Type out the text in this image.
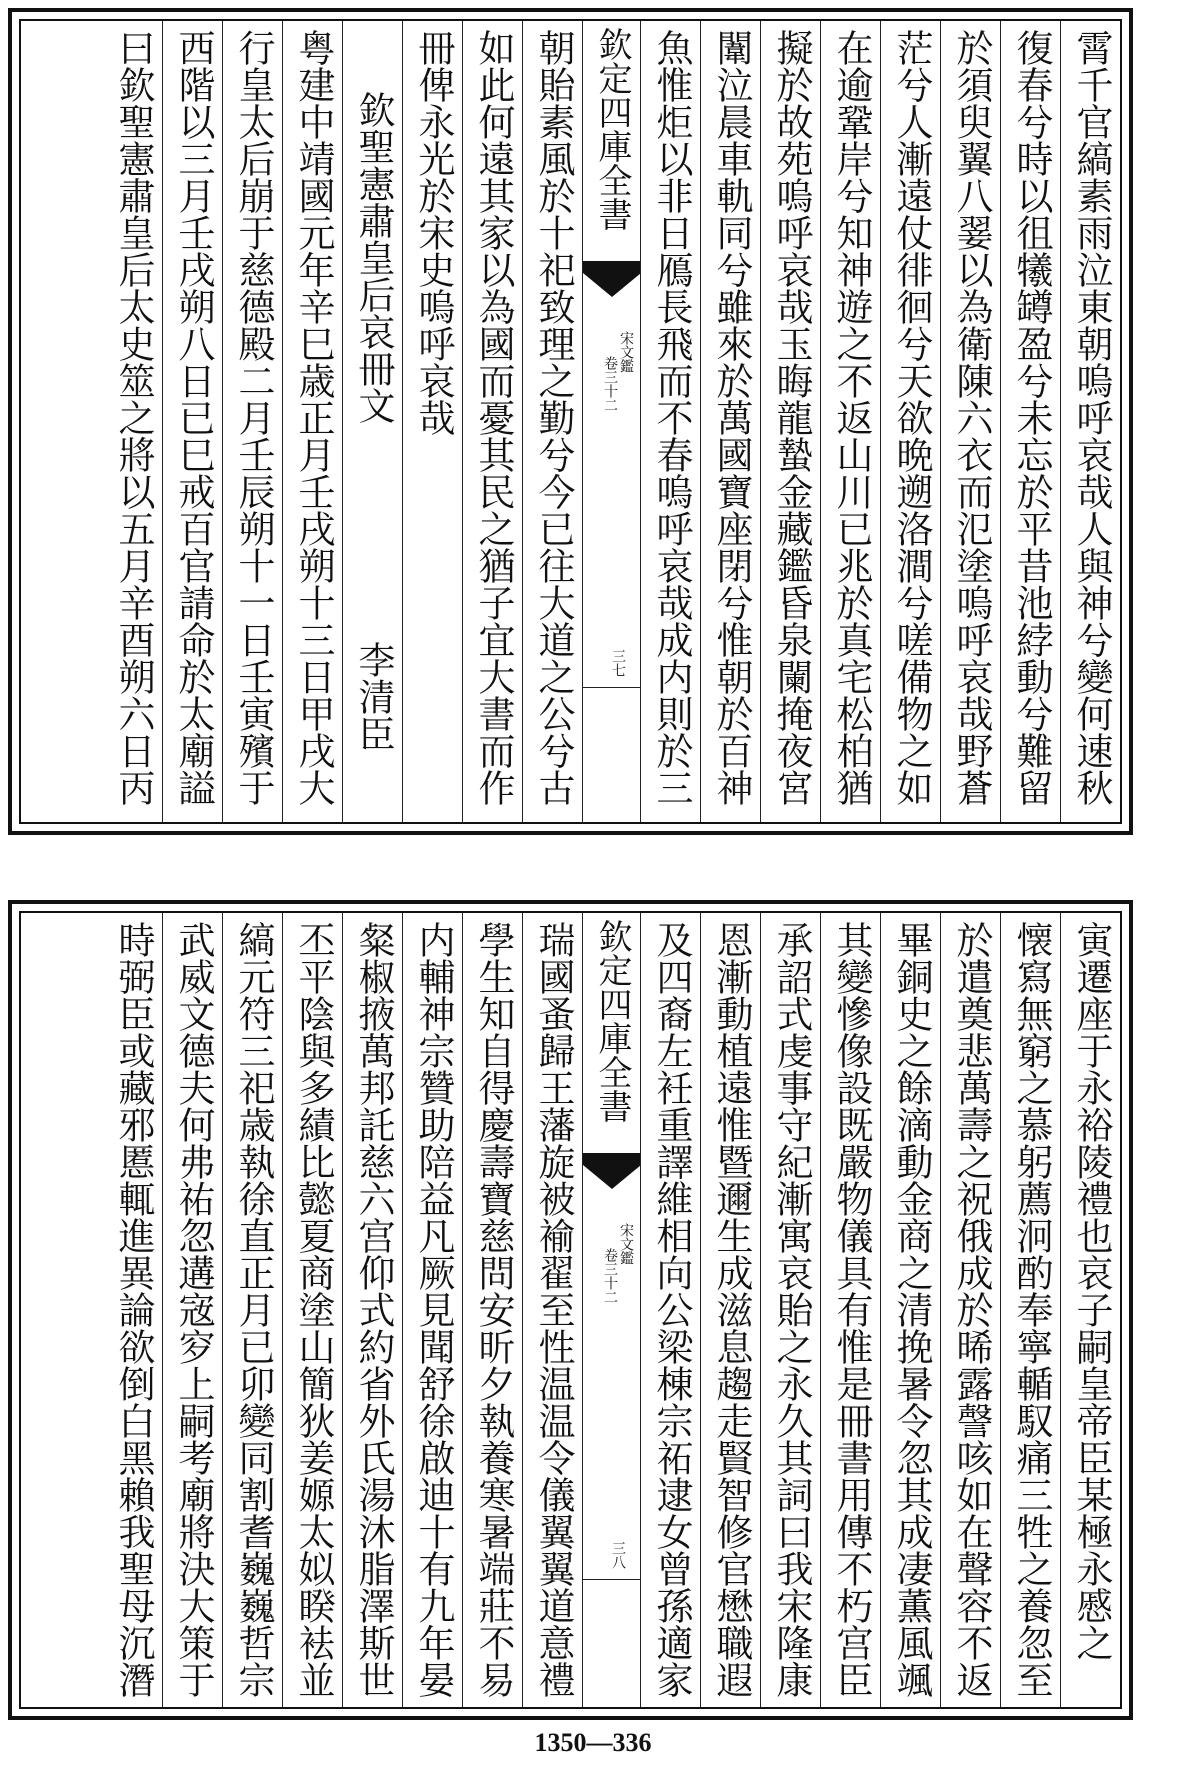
霄千官縞素雨泣東朝嗚呼哀哉人與神兮變何速秋
復春兮時以徂犧罇盈兮未忘於平昔池綍動兮難留
於須臾翼八翣以為衛陳六衣而氾塗嗚呼哀哉野蒼
茫兮人漸遠仗徘徊兮天欲晩遡洛澗兮嗟備物之如
在逾鞏岸兮知神遊之不返山川已兆於真宅松柏猶
擬於故苑嗚呼哀哉玉晦龍蟄金藏鑑昏泉闌掩夜宮
闈泣晨車軌同兮雖來於萬國寶座閉兮惟朝於百神
魚惟炬以非日鴈長飛而不春嗚呼哀哉成内則於三
欽定四庫全書
宋文鑑
卷三十二
三七
朝貽素風於十祀致理之勤兮今已往大道之公兮古
如此何遠其家以為國而憂其民之猶子宜大書而作
冊俾永光於宋史嗚呼哀哉
欽聖憲肅皇后哀冊文
李清臣
粤建中靖國元年辛巳歳正月壬戌朔十三日甲戌大
行皇太后崩于慈德殿二月壬辰朔十一日壬寅殯于
西階以三月壬戌朔八日已巳戒百官請命於太廟謚
曰欽聖憲肅皇后太史筮之將以五月辛酉朔六日丙
寅遷座于永裕陵禮也哀子嗣皇帝臣某極永慼之
懐寫無窮之慕躬薦泂酌奉寧輴馭痛三牲之養忽至
於遣奠悲萬壽之祝俄成於晞露謦咳如在聲容不返
畢銅史之餘滴動金商之清挽暑令忽其成凄薫風颯
其變慘像設既嚴物儀具有惟是冊書用傳不朽宫臣
承詔式虔事守紀漸寓哀貽之永久其詞曰我宋隆康
恩漸動植遠惟暨邇生成滋息趨走賢智修官懋職遐
及四裔左衽重譯維相向公梁棟宗祏逮女曾孫適家
欽定四庫全書
宋文鑑
卷三十二
三八
瑞國蚤歸王藩旋被褕翟至性温温令儀翼翼道意禮
學生知自得慶壽寶慈問安昕夕執養寒暑端莊不易
内輔神宗贊助陪益凡厥見聞舒徐啟迪十有九年晏
粲椒掖萬邦託慈六宫仰式約省外氏湯沐脂澤斯世
丕平陰與多績比懿夏商塗山簡狄姜嫄太姒睽袪並
縞元符三祀歳執徐直正月已卯變同割耆巍巍哲宗
武威文德夫何弗祐忽遘宼穸上嗣考廟將決大策于
時弼臣或藏邪慝輒進異論欲倒白黑賴我聖母沉潛
1350—336
